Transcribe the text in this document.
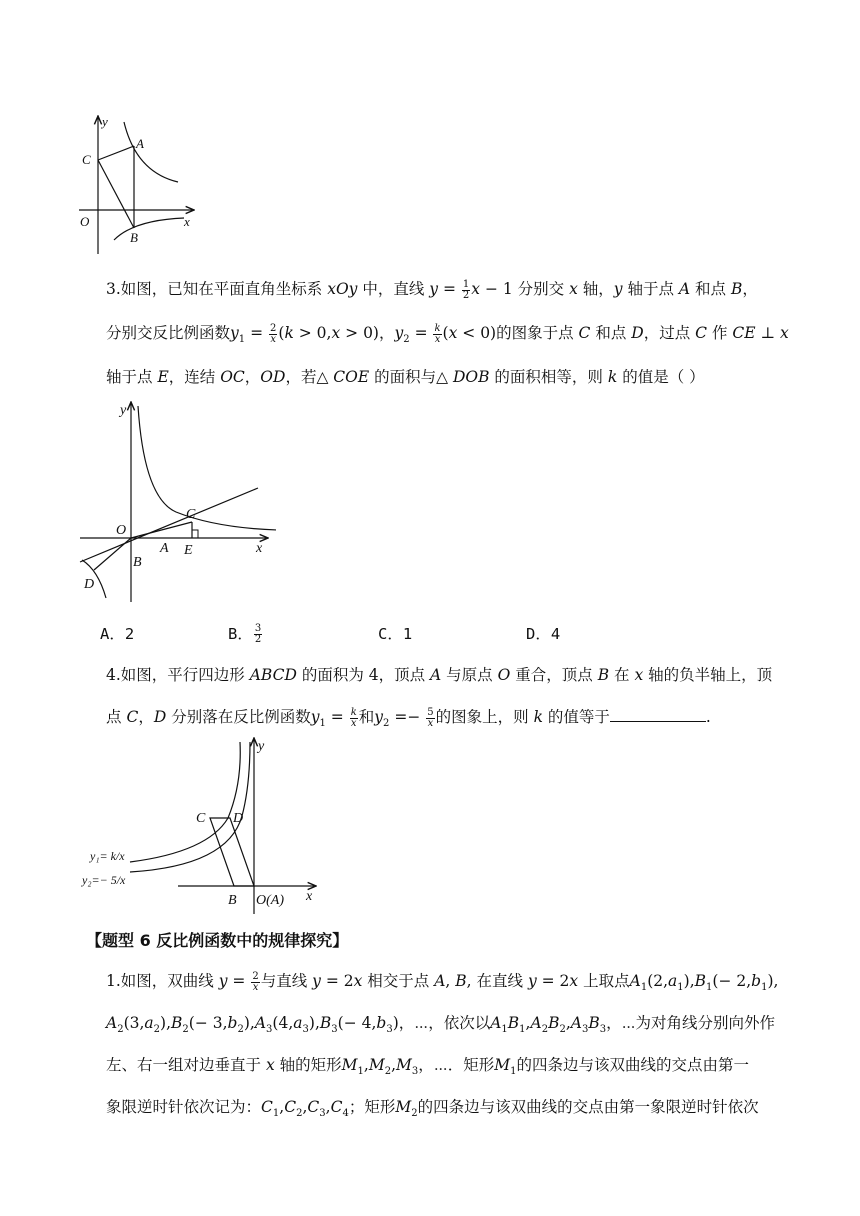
y
x
O
C
A
B
3.如图，已知在平面直角坐标系 xOy 中，直线 $y = \frac{1}{2}$ x − 1 分别交 x 轴，y 轴于点 A 和点 B，
分别交反比例函数$y_1 = \frac{2}{x} (k > 0,x > 0)$，$y_2 = \frac{k}{x} (x < 0)$的图象于点 C 和点 D，过点 C 作 CE ⊥ x
轴于点 E，连结 OC，OD，若△ COE 的面积与△ DOB 的面积相等，则 k 的值是（ ）
y
x
O
C
A E
B
D
A．2	B． $\frac{3}{2}$	C．1	D．4
4.如图，平行四边形 ABCD 的面积为 4，顶点 A 与原点 O 重合，顶点 B 在 x 轴的负半轴上，顶
点 C，D 分别落在反比例函数$y_1 = \frac{k}{x}$ 和$y_2 =- \frac{5}{x}$ 的图象上，则 k 的值等于	.
y
x
C D
B O(A)
y₁= k/x
y₂=− 5/x
【题型 6 反比例函数中的规律探究】
1.如图，双曲线 $y = \frac{2}{x}$ 与直线 y = 2x 相交于点 A, B, 在直线 y = 2x 上取点$A_1(2,a_1),B_1(- 2,b_1)$,
$A_2(3,a_2),B_2(- 3,b_2),A_3(4,a_3),B_3(- 4,b_3)$，⋯，依次以$A_1B_1,A_2B_2,A_3B_3$，⋯为对角线分别向外作
左、右一组对边垂直于 x 轴的矩形$M_1,M_2,M_3$，⋯．矩形$M_1$的四条边与该双曲线的交点由第一
象限逆时针依次记为：$C_1,C_2,C_3,C_4$；矩形$M_2$的四条边与该双曲线的交点由第一象限逆时针依次
